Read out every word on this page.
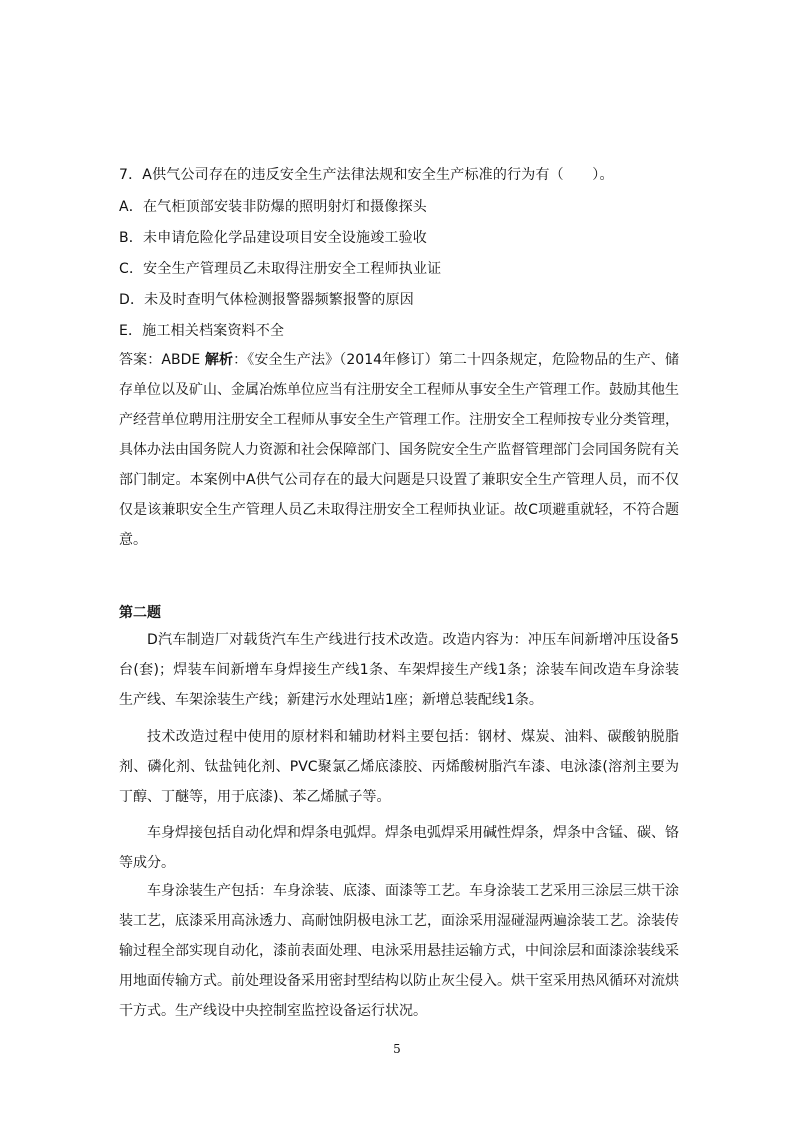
7．A供气公司存在的违反安全生产法律法规和安全生产标准的行为有（　　）。
A．在气柜顶部安装非防爆的照明射灯和摄像探头
B．未申请危险化学品建设项目安全设施竣工验收
C．安全生产管理员乙未取得注册安全工程师执业证
D．未及时查明气体检测报警器频繁报警的原因
E．施工相关档案资料不全
答案：ABDE 解析：《安全生产法》（2014年修订）第二十四条规定，危险物品的生产、储存单位以及矿山、金属冶炼单位应当有注册安全工程师从事安全生产管理工作。鼓励其他生产经营单位聘用注册安全工程师从事安全生产管理工作。注册安全工程师按专业分类管理，具体办法由国务院人力资源和社会保障部门、国务院安全生产监督管理部门会同国务院有关部门制定。本案例中A供气公司存在的最大问题是只设置了兼职安全生产管理人员，而不仅仅是该兼职安全生产管理人员乙未取得注册安全工程师执业证。故C项避重就轻，不符合题意。
第二题
D汽车制造厂对载货汽车生产线进行技术改造。改造内容为：冲压车间新增冲压设备5台(套)；焊装车间新增车身焊接生产线1条、车架焊接生产线1条；涂装车间改造车身涂装生产线、车架涂装生产线；新建污水处理站1座；新增总装配线1条。
技术改造过程中使用的原材料和辅助材料主要包括：钢材、煤炭、油料、碳酸钠脱脂剂、磷化剂、钛盐钝化剂、PVC聚氯乙烯底漆胶、丙烯酸树脂汽车漆、电泳漆(溶剂主要为丁醇、丁醚等，用于底漆)、苯乙烯腻子等。
车身焊接包括自动化焊和焊条电弧焊。焊条电弧焊采用碱性焊条，焊条中含锰、碳、铬等成分。
车身涂装生产包括：车身涂装、底漆、面漆等工艺。车身涂装工艺采用三涂层三烘干涂装工艺，底漆采用高泳透力、高耐蚀阴极电泳工艺，面涂采用湿碰湿两遍涂装工艺。涂装传输过程全部实现自动化，漆前表面处理、电泳采用悬挂运输方式，中间涂层和面漆涂装线采用地面传输方式。前处理设备采用密封型结构以防止灰尘侵入。烘干室采用热风循环对流烘干方式。生产线设中央控制室监控设备运行状况。
5
